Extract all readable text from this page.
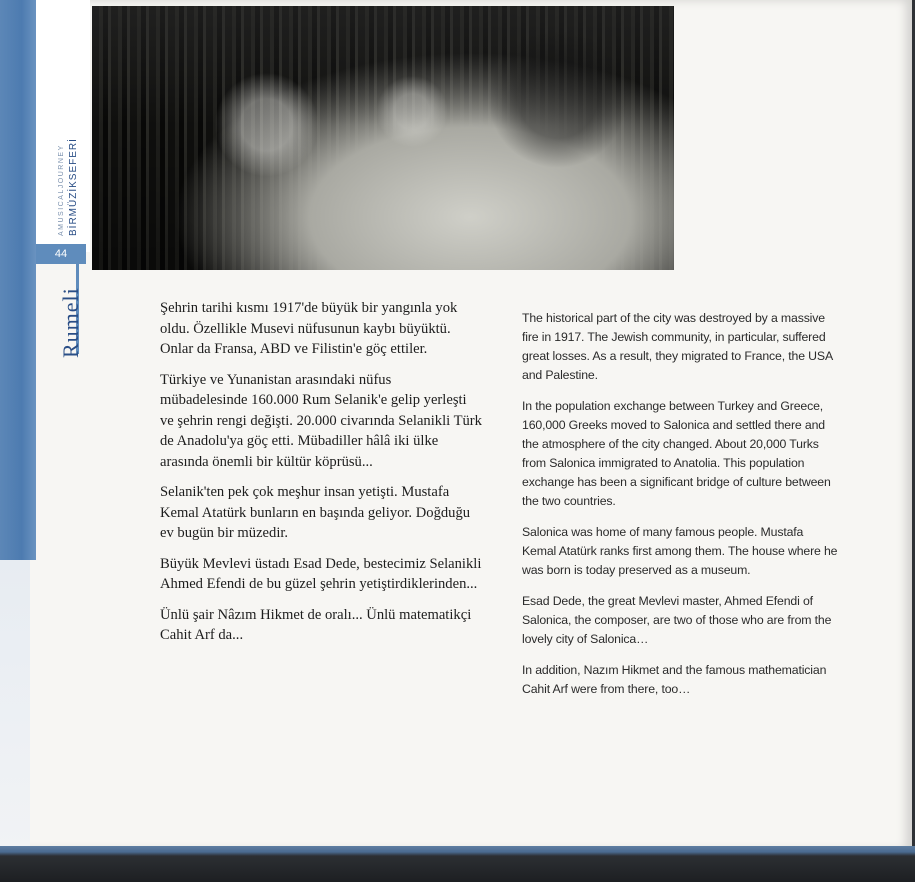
AMUSICALJOURNEY BİRMÜZİKSEFERİ
44
Rumeli	Şehrin tarihi kısmı 1917'de büyük bir yangınla yok oldu. Özellikle Musevi nüfusunun kaybı büyüktü. Onlar da Fransa, ABD ve Filistin'e göç ettiler.

Türkiye ve Yunanistan arasındaki nüfus mübadelesinde 160.000 Rum Selanik'e gelip yerleşti ve şehrin rengi değişti. 20.000 civarında Selanikli Türk de Anadolu'ya göç etti. Mübadiller hâlâ iki ülke arasında önemli bir kültür köprüsü...

Selanik'ten pek çok meşhur insan yetişti. Mustafa Kemal Atatürk bunların en başında geliyor. Doğduğu ev bugün bir müzedir.

Büyük Mevlevi üstadı Esad Dede, bestecimiz Selanikli Ahmed Efendi de bu güzel şehrin yetiştirdiklerinden...

Ünlü şair Nâzım Hikmet de oralı... Ünlü matematikçi Cahit Arf da...

The historical part of the city was destroyed by a massive fire in 1917. The Jewish community, in particular, suffered great losses. As a result, they migrated to France, the USA and Palestine.

In the population exchange between Turkey and Greece, 160,000 Greeks moved to Salonica and settled there and the atmosphere of the city changed. About 20,000 Turks from Salonica immigrated to Anatolia. This population exchange has been a significant bridge of culture between the two countries.

Salonica was home of many famous people. Mustafa Kemal Atatürk ranks first among them. The house where he was born is today preserved as a museum.

Esad Dede, the great Mevlevi master, Ahmed Efendi of Salonica, the composer, are two of those who are from the lovely city of Salonica…

In addition, Nazım Hikmet and the famous mathematician Cahit Arf were from there, too…
